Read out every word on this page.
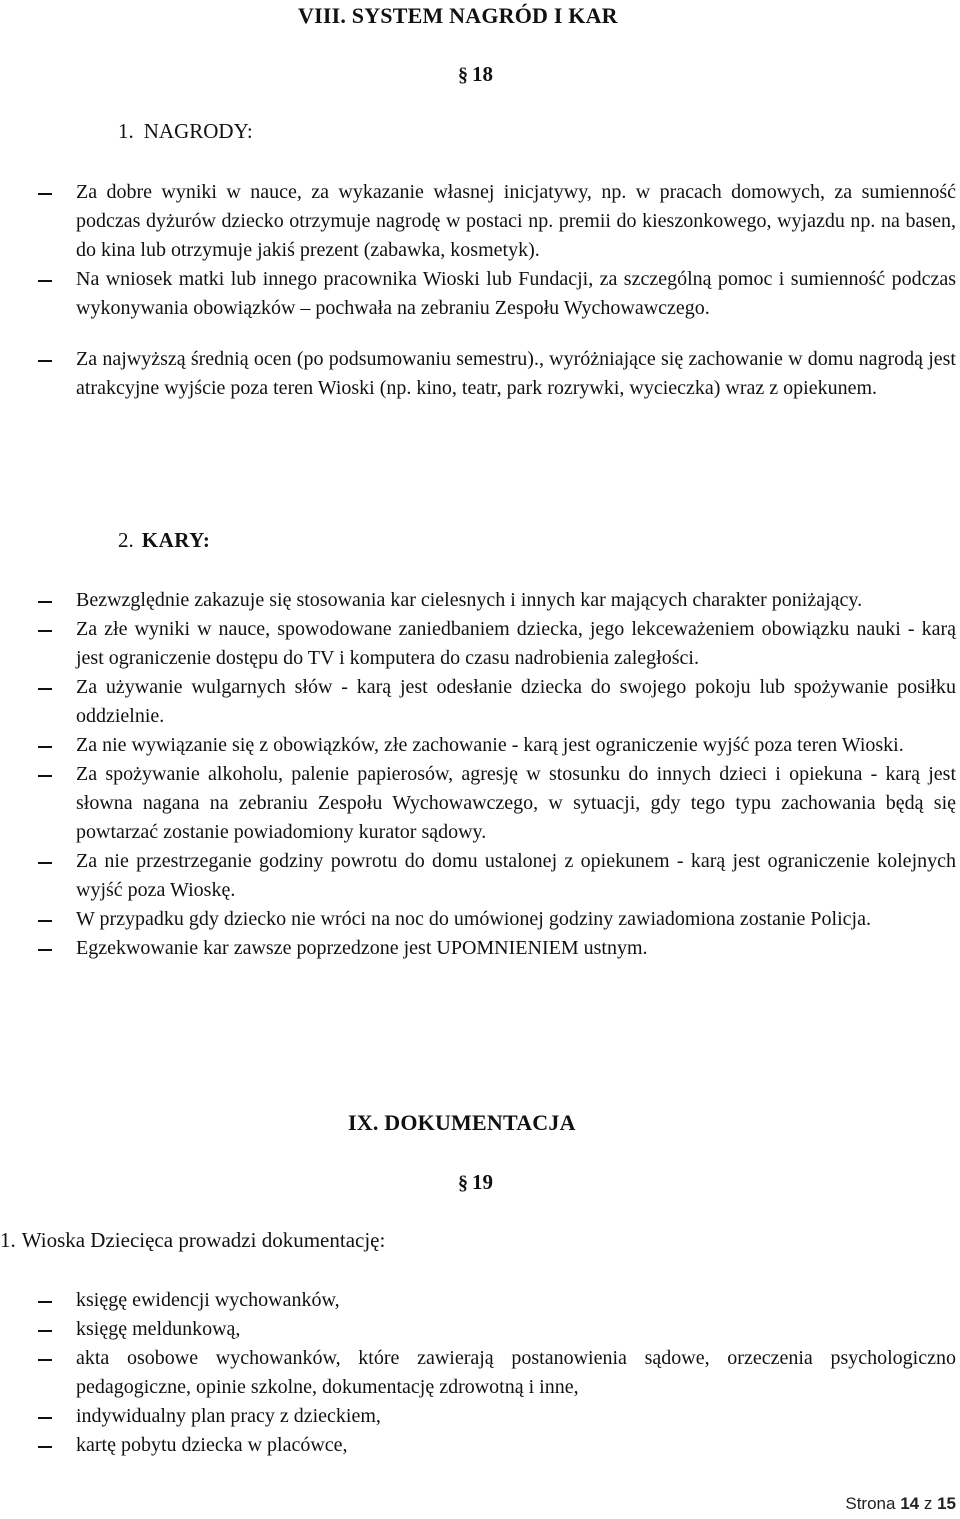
VIII. SYSTEM NAGRÓD I KAR
§ 18
1. NAGRODY:
Za dobre wyniki w nauce, za wykazanie własnej inicjatywy, np. w pracach domowych, za sumienność podczas dyżurów dziecko otrzymuje nagrodę w postaci np. premii do kieszonkowego, wyjazdu np. na basen, do kina lub otrzymuje jakiś prezent (zabawka, kosmetyk).
Na wniosek matki lub innego pracownika Wioski lub Fundacji, za szczególną pomoc i sumienność podczas wykonywania obowiązków – pochwała na zebraniu Zespołu Wychowawczego.
Za najwyższą średnią ocen (po podsumowaniu semestru)., wyróżniające się zachowanie w domu nagrodą jest atrakcyjne wyjście poza teren Wioski (np. kino, teatr, park rozrywki, wycieczka) wraz z opiekunem.
2. KARY:
Bezwzględnie zakazuje się stosowania kar cielesnych i innych kar mających charakter poniżający.
Za złe wyniki w nauce, spowodowane zaniedbaniem dziecka, jego lekceważeniem obowiązku nauki - karą jest ograniczenie dostępu do TV i komputera do czasu nadrobienia zaległości.
Za używanie wulgarnych słów - karą jest odesłanie dziecka do swojego pokoju lub spożywanie posiłku oddzielnie.
Za nie wywiązanie się z obowiązków, złe zachowanie - karą jest ograniczenie wyjść poza teren Wioski.
Za spożywanie alkoholu, palenie papierosów, agresję w stosunku do innych dzieci i opiekuna - karą jest słowna nagana na zebraniu Zespołu Wychowawczego, w sytuacji, gdy tego typu zachowania będą się powtarzać zostanie powiadomiony kurator sądowy.
Za nie przestrzeganie godziny powrotu do domu ustalonej z opiekunem - karą jest ograniczenie kolejnych wyjść poza Wioskę.
W przypadku gdy dziecko nie wróci na noc do umówionej godziny zawiadomiona zostanie Policja.
Egzekwowanie kar zawsze poprzedzone jest UPOMNIENIEM ustnym.
IX. DOKUMENTACJA
§ 19
1. Wioska Dziecięca prowadzi dokumentację:
księgę ewidencji wychowanków,
księgę meldunkową,
akta osobowe wychowanków, które zawierają postanowienia sądowe, orzeczenia psychologiczno pedagogiczne, opinie szkolne, dokumentację zdrowotną i inne,
indywidualny plan pracy z dzieckiem,
kartę pobytu dziecka w placówce,
Strona 14 z 15
